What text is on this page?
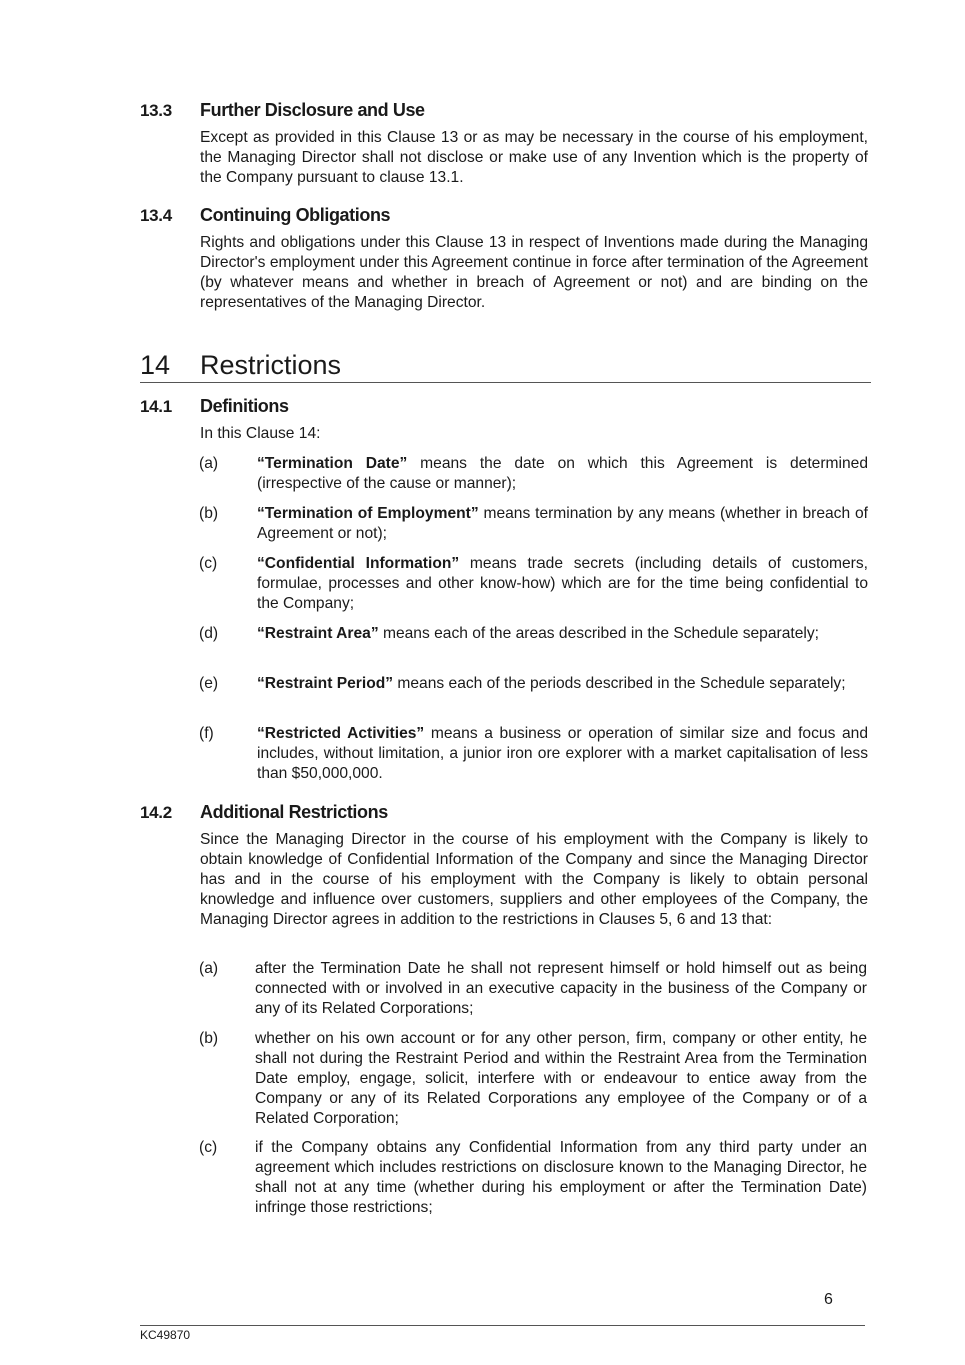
13.3 Further Disclosure and Use
Except as provided in this Clause 13 or as may be necessary in the course of his employment, the Managing Director shall not disclose or make use of any Invention which is the property of the Company pursuant to clause 13.1.
13.4 Continuing Obligations
Rights and obligations under this Clause 13 in respect of Inventions made during the Managing Director's employment under this Agreement continue in force after termination of the Agreement (by whatever means and whether in breach of Agreement or not) and are binding on the representatives of the Managing Director.
14 Restrictions
14.1 Definitions
In this Clause 14:
(a) “Termination Date” means the date on which this Agreement is determined (irrespective of the cause or manner);
(b) “Termination of Employment” means termination by any means (whether in breach of Agreement or not);
(c)	“Confidential Information” means trade secrets (including details of customers, formulae, processes and other know-how) which are for the time being confidential to the Company;
(d) “Restraint Area” means each of the areas described in the Schedule separately;
(e) “Restraint Period” means each of the periods described in the Schedule separately;
(f)	“Restricted Activities” means a business or operation of similar size and focus and includes, without limitation, a junior iron ore explorer with a market capitalisation of less than $50,000,000.
14.2 Additional Restrictions
Since the Managing Director in the course of his employment with the Company is likely to obtain knowledge of Confidential Information of the Company and since the Managing Director has and in the course of his employment with the Company is likely to obtain personal knowledge and influence over customers, suppliers and other employees of the Company, the Managing Director agrees in addition to the restrictions in Clauses 5, 6 and 13 that:
(a) after the Termination Date he shall not represent himself or hold himself out as being connected with or involved in an executive capacity in the business of the Company or any of its Related Corporations;
(b) whether on his own account or for any other person, firm, company or other entity, he shall not during the Restraint Period and within the Restraint Area from the Termination Date employ, engage, solicit, interfere with or endeavour to entice away from the Company or any of its Related Corporations any employee of the Company or of a Related Corporation;
(c) if the Company obtains any Confidential Information from any third party under an agreement which includes restrictions on disclosure known to the Managing Director, he shall not at any time (whether during his employment or after the Termination Date) infringe those restrictions;
6
KC49870
